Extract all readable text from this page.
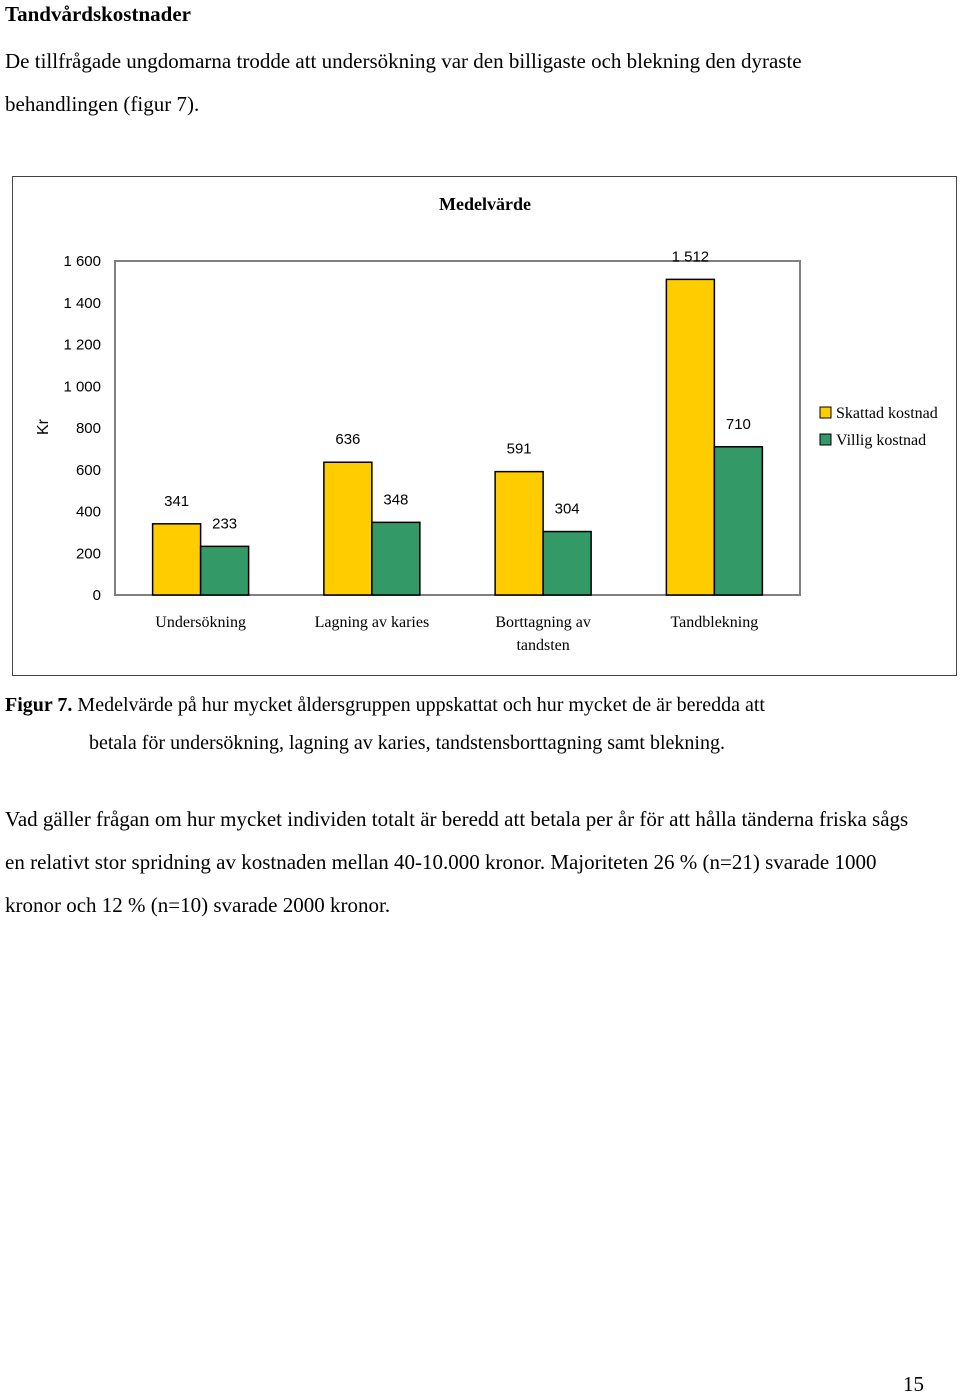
Tandvårdskostnader
De tillfrågade ungdomarna trodde att undersökning var den billigaste och blekning den dyraste behandlingen (figur 7).
Medelvärde
Kr
0
200
400
600
800
1 000
1 200
1 400
1 600
341
636
591
1 512
233
348
304
710
Undersökning	Lagning av karies	Borttagning av
tandsten
Tandblekning
Skattad kostnad
Villig kostnad
Figur 7. Medelvärde på hur mycket åldersgruppen uppskattat och hur mycket de är beredda att
betala för undersökning, lagning av karies, tandstensborttagning samt blekning.
Vad gäller frågan om hur mycket individen totalt är beredd att betala per år för att hålla tänderna friska sågs en relativt stor spridning av kostnaden mellan 40-10.000 kronor. Majoriteten 26 % (n=21) svarade 1000 kronor och 12 % (n=10) svarade 2000 kronor.
15
